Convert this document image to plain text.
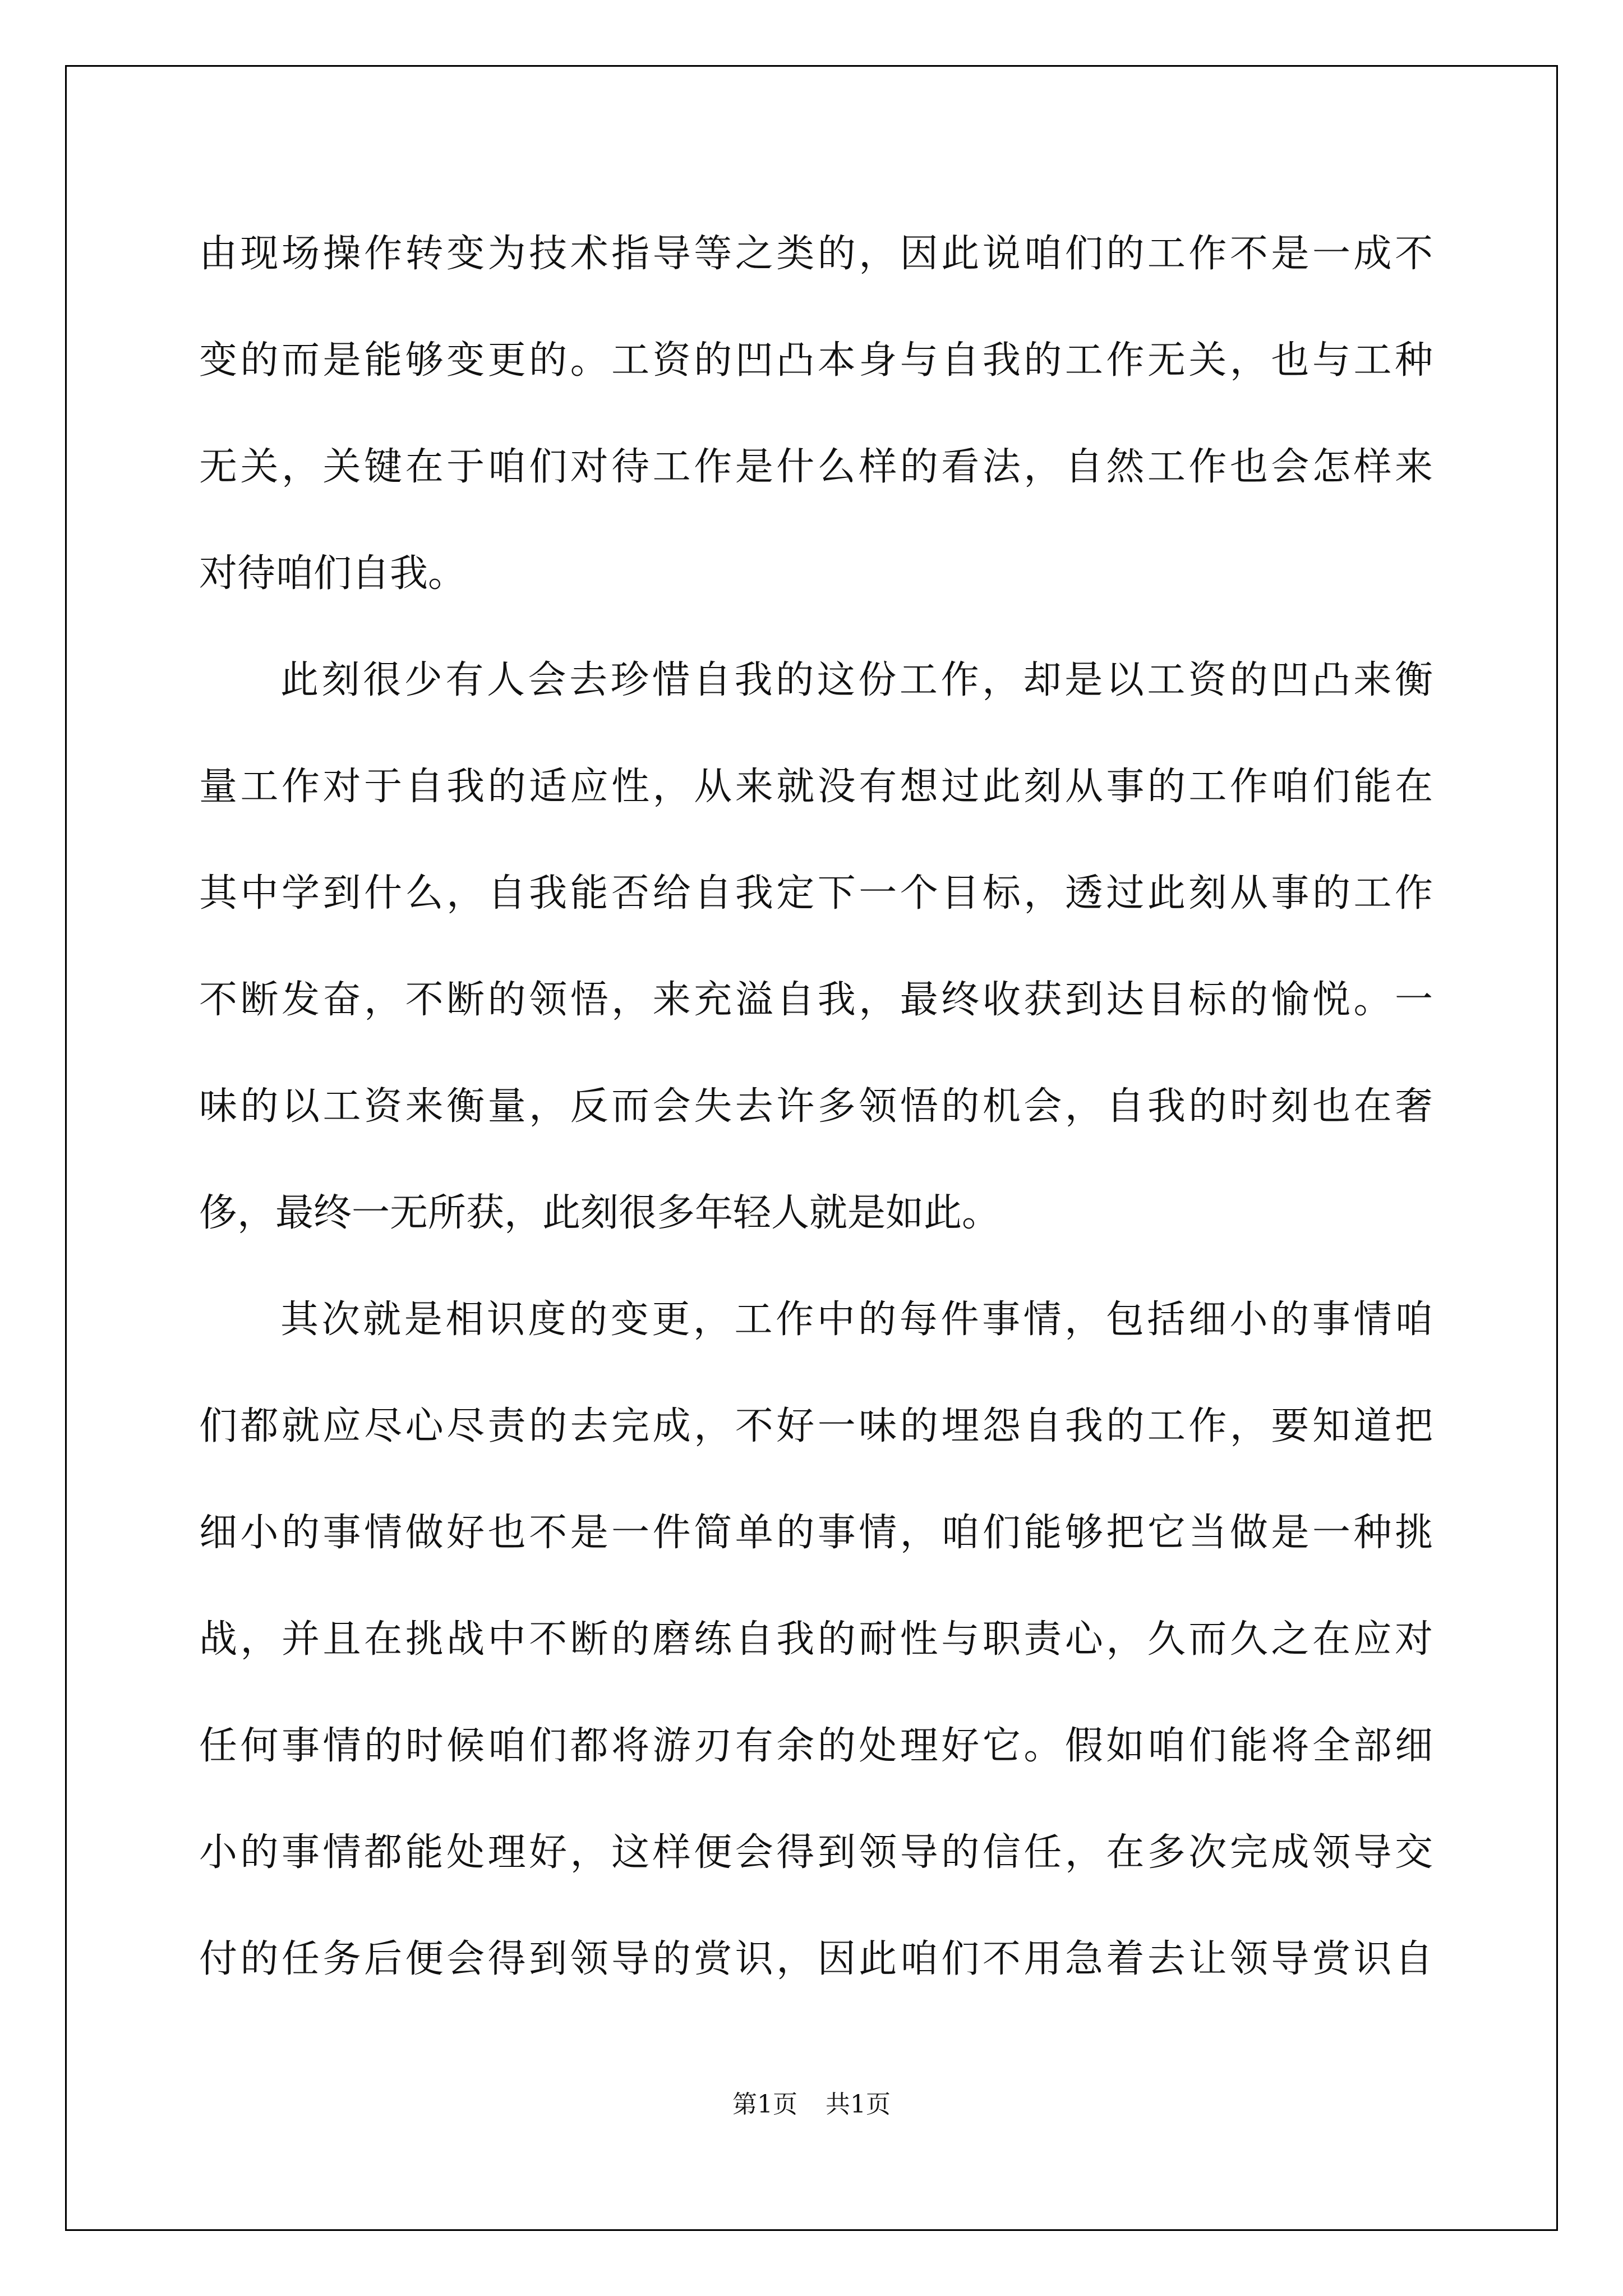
由现场操作转变为技术指导等之类的，因此说咱们的工作不是一成不
变的而是能够变更的。工资的凹凸本身与自我的工作无关，也与工种
无关，关键在于咱们对待工作是什么样的看法，自然工作也会怎样来
对待咱们自我。
此刻很少有人会去珍惜自我的这份工作，却是以工资的凹凸来衡
量工作对于自我的适应性，从来就没有想过此刻从事的工作咱们能在
其中学到什么，自我能否给自我定下一个目标，透过此刻从事的工作
不断发奋，不断的领悟，来充溢自我，最终收获到达目标的愉悦。一
味的以工资来衡量，反而会失去许多领悟的机会，自我的时刻也在奢
侈，最终一无所获，此刻很多年轻人就是如此。
其次就是相识度的变更，工作中的每件事情，包括细小的事情咱
们都就应尽心尽责的去完成，不好一味的埋怨自我的工作，要知道把
细小的事情做好也不是一件简单的事情，咱们能够把它当做是一种挑
战，并且在挑战中不断的磨练自我的耐性与职责心，久而久之在应对
任何事情的时候咱们都将游刃有余的处理好它。假如咱们能将全部细
小的事情都能处理好，这样便会得到领导的信任，在多次完成领导交
付的任务后便会得到领导的赏识，因此咱们不用急着去让领导赏识自
第1页 共1页
